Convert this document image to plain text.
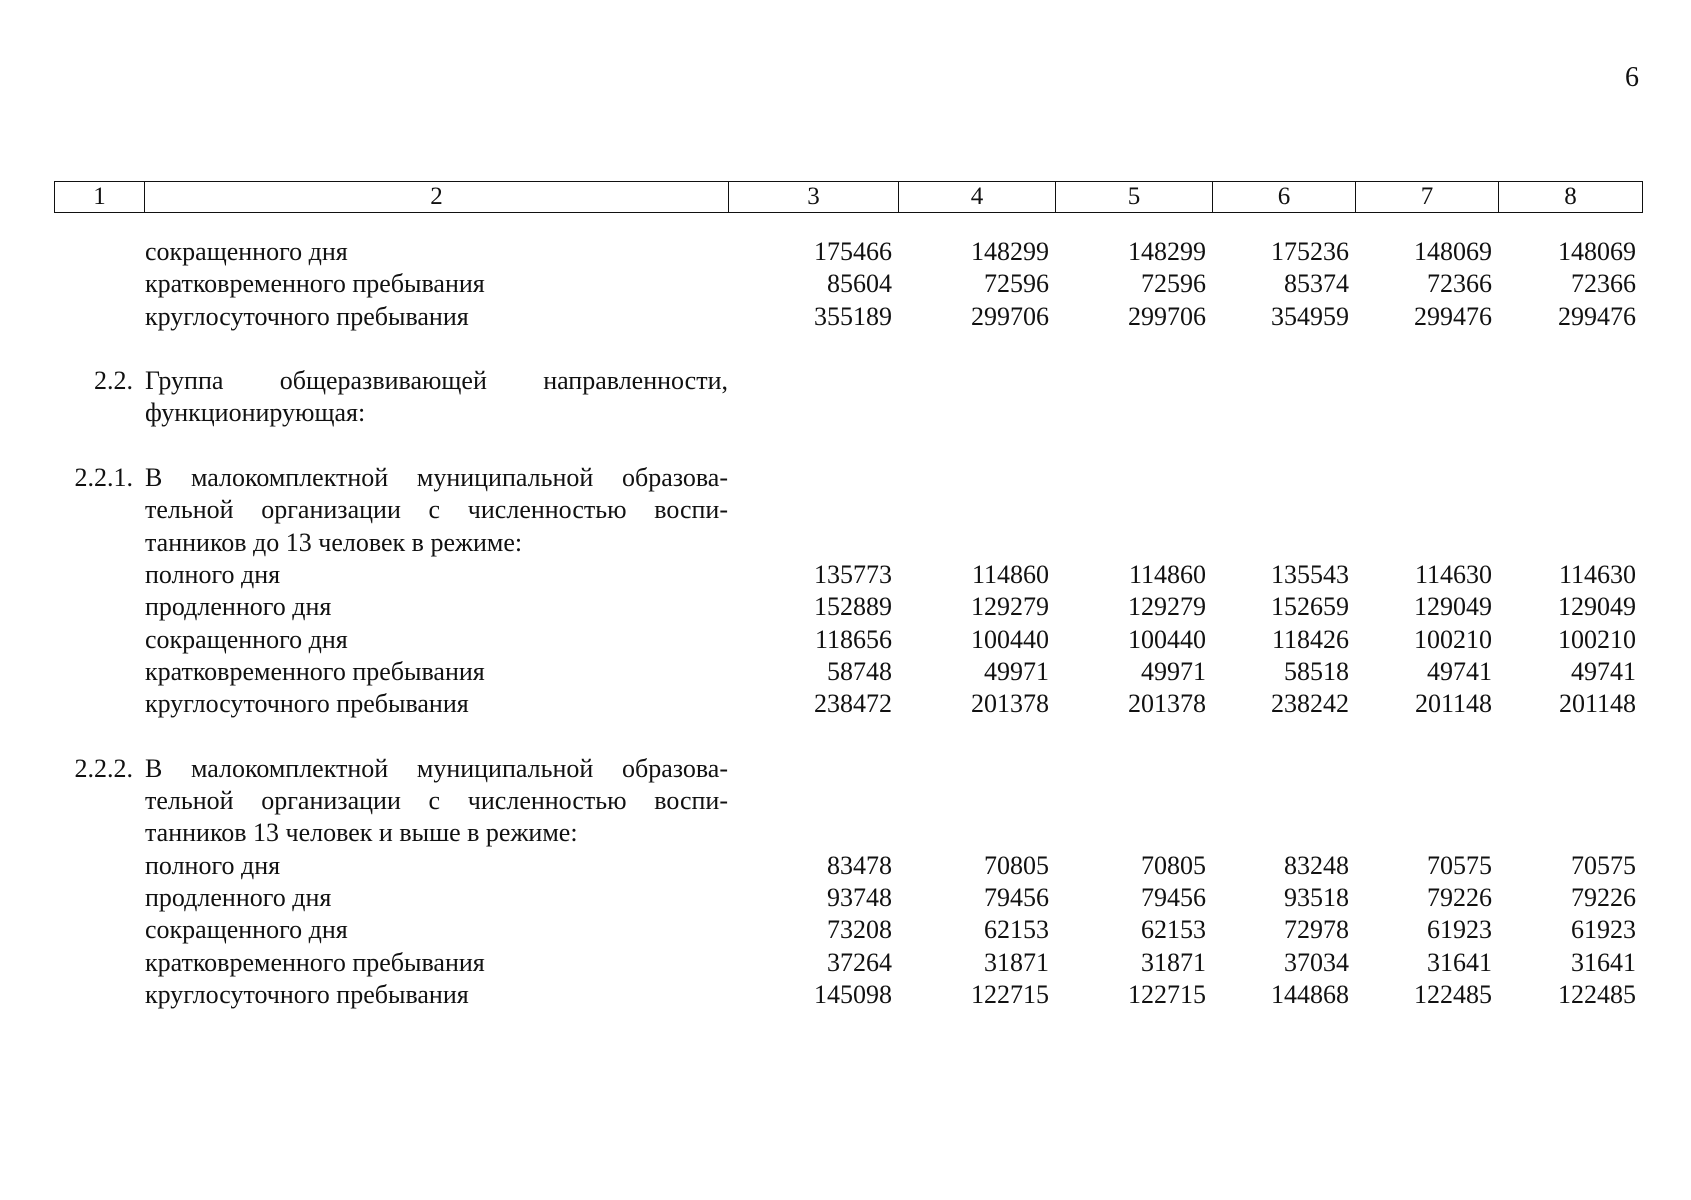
6
1	2	3	4	5	6	7	8
	сокращенного дня	175466	148299	148299	175236	148069	148069
	кратковременного пребывания	85604	72596	72596	85374	72366	72366
	круглосуточного пребывания	355189	299706	299706	354959	299476	299476

2.2.	Группа общеразвивающей направленности,						
	функционирующая:						

2.2.1.	В малокомплектной муниципальной образова-						
	тельной организации с численностью воспи-						
	танников до 13 человек в режиме:						
	полного дня	135773	114860	114860	135543	114630	114630
	продленного дня	152889	129279	129279	152659	129049	129049
	сокращенного дня	118656	100440	100440	118426	100210	100210
	кратковременного пребывания	58748	49971	49971	58518	49741	49741
	круглосуточного пребывания	238472	201378	201378	238242	201148	201148

2.2.2.	В малокомплектной муниципальной образова-						
	тельной организации с численностью воспи-						
	танников 13 человек и выше в режиме:						
	полного дня	83478	70805	70805	83248	70575	70575
	продленного дня	93748	79456	79456	93518	79226	79226
	сокращенного дня	73208	62153	62153	72978	61923	61923
	кратковременного пребывания	37264	31871	31871	37034	31641	31641
	круглосуточного пребывания	145098	122715	122715	144868	122485	122485
